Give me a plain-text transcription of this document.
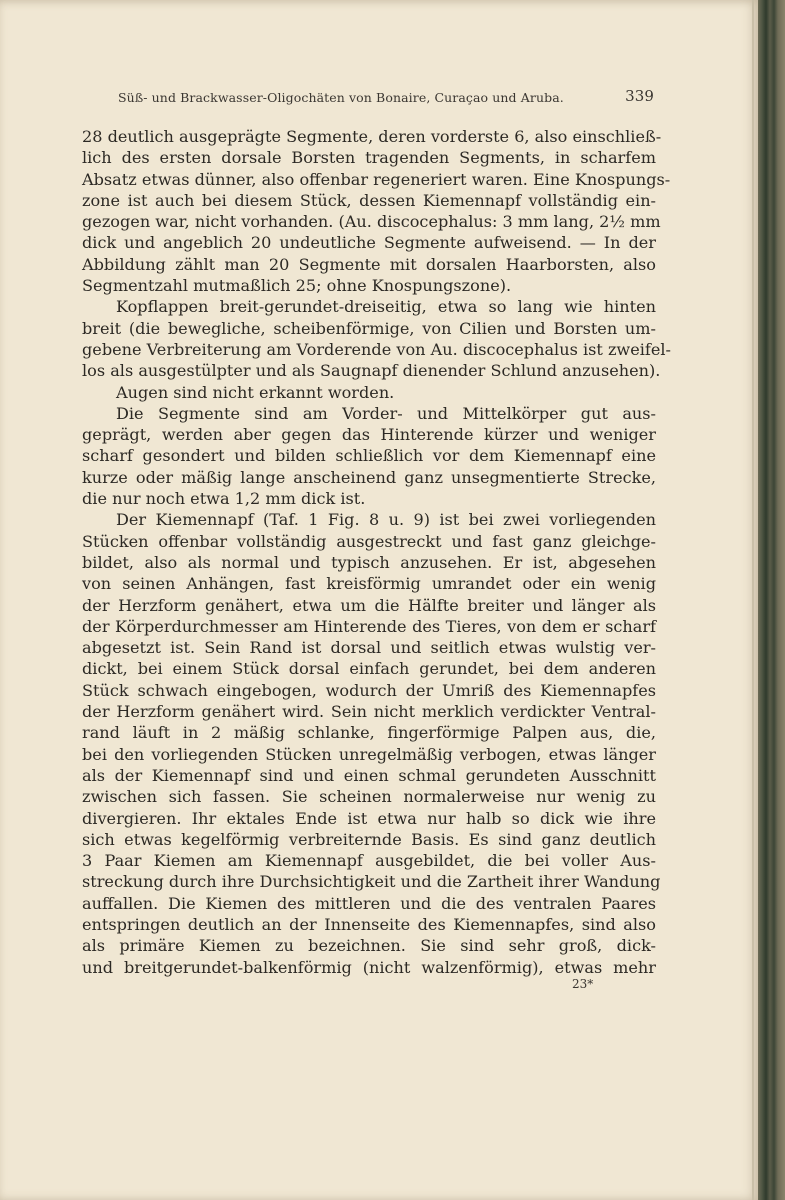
Süß- und Brackwasser-Oligochäten von Bonaire, Curaçao und Aruba.	339
28 deutlich ausgeprägte Segmente, deren vorderste 6, also einschließ-
lich des ersten dorsale Borsten tragenden Segments, in scharfem
Absatz etwas dünner, also offenbar regeneriert waren. Eine Knospungs-
zone ist auch bei diesem Stück, dessen Kiemennapf vollständig ein-
gezogen war, nicht vorhanden. (Au. discocephalus: 3 mm lang, 2½ mm
dick und angeblich 20 undeutliche Segmente aufweisend. — In der
Abbildung zählt man 20 Segmente mit dorsalen Haarborsten, also
Segmentzahl mutmaßlich 25; ohne Knospungszone).
Kopflappen breit-gerundet-dreiseitig, etwa so lang wie hinten
breit (die bewegliche, scheibenförmige, von Cilien und Borsten um-
gebene Verbreiterung am Vorderende von Au. discocephalus ist zweifel-
los als ausgestülpter und als Saugnapf dienender Schlund anzusehen).
Augen sind nicht erkannt worden.
Die Segmente sind am Vorder- und Mittelkörper gut aus-
geprägt, werden aber gegen das Hinterende kürzer und weniger
scharf gesondert und bilden schließlich vor dem Kiemennapf eine
kurze oder mäßig lange anscheinend ganz unsegmentierte Strecke,
die nur noch etwa 1,2 mm dick ist.
Der Kiemennapf (Taf. 1 Fig. 8 u. 9) ist bei zwei vorliegenden
Stücken offenbar vollständig ausgestreckt und fast ganz gleichge-
bildet, also als normal und typisch anzusehen. Er ist, abgesehen
von seinen Anhängen, fast kreisförmig umrandet oder ein wenig
der Herzform genähert, etwa um die Hälfte breiter und länger als
der Körperdurchmesser am Hinterende des Tieres, von dem er scharf
abgesetzt ist. Sein Rand ist dorsal und seitlich etwas wulstig ver-
dickt, bei einem Stück dorsal einfach gerundet, bei dem anderen
Stück schwach eingebogen, wodurch der Umriß des Kiemennapfes
der Herzform genähert wird. Sein nicht merklich verdickter Ventral-
rand läuft in 2 mäßig schlanke, fingerförmige Palpen aus, die,
bei den vorliegenden Stücken unregelmäßig verbogen, etwas länger
als der Kiemennapf sind und einen schmal gerundeten Ausschnitt
zwischen sich fassen. Sie scheinen normalerweise nur wenig zu
divergieren. Ihr ektales Ende ist etwa nur halb so dick wie ihre
sich etwas kegelförmig verbreiternde Basis. Es sind ganz deutlich
3 Paar Kiemen am Kiemennapf ausgebildet, die bei voller Aus-
streckung durch ihre Durchsichtigkeit und die Zartheit ihrer Wandung
auffallen. Die Kiemen des mittleren und die des ventralen Paares
entspringen deutlich an der Innenseite des Kiemennapfes, sind also
als primäre Kiemen zu bezeichnen. Sie sind sehr groß, dick-
und breitgerundet-balkenförmig (nicht walzenförmig), etwas mehr
23*
